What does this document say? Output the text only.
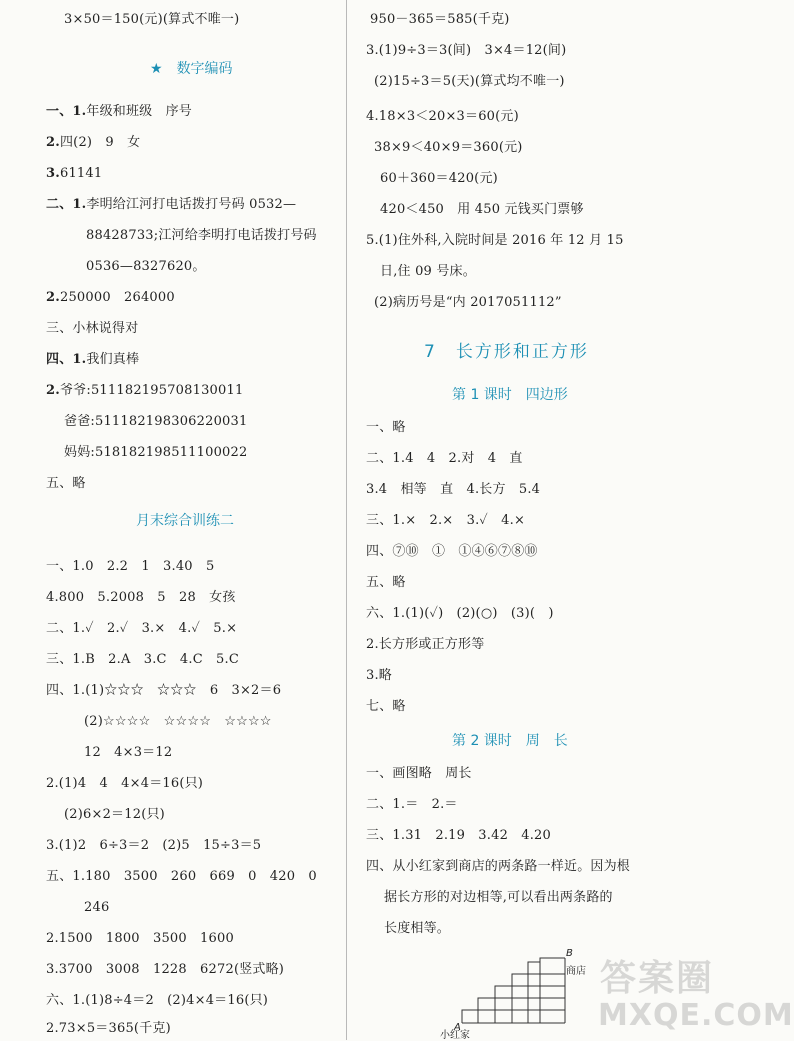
3×50＝150(元)(算式不唯一)
★　 数字编码
一、1.年级和班级　序号
2.四(2)　9　女
3.61141
二、1.李明给江河打电话拨打号码 0532—
88428733;江河给李明打电话拨打号码
0536—8327620。
2.250000　264000
三、小林说得对
四、1.我们真棒
2.爷爷:511182195708130011
爸爸:511182198306220031
妈妈:518182198511100022
五、略
月末综合训练二
一、1.0　2.2　1　3.40　5
4.800　5.2008　5　28　女孩
二、1.✓　2.✓　3.×　4.✓　5.×
三、1.B　2.A　3.C　4.C　5.C
四、1.(1)☆☆☆　☆☆☆　6　3×2＝6
(2)☆☆☆☆　☆☆☆☆　☆☆☆☆
12　4×3＝12
2.(1)4　4　4×4＝16(只)
(2)6×2＝12(只)
3.(1)2　6÷3＝2　(2)5　15÷3＝5
五、1.180　3500　260　669　0　420　0
246
2.1500　1800　3500　1600
3.3700　3008　1228　6272(竖式略)
六、1.(1)8÷4＝2　(2)4×4＝16(只)
2.73×5＝365(千克)
950－365＝585(千克)
3.(1)9÷3＝3(间)　3×4＝12(间)
(2)15÷3＝5(天)(算式均不唯一)
4.18×3＜20×3＝60(元)
38×9＜40×9＝360(元)
60＋360＝420(元)
420＜450　用 450 元钱买门票够
5.(1)住外科,入院时间是 2016 年 12 月 15
日,住 09 号床。
(2)病历号是“内 2017051112”
7　长方形和正方形
第 1 课时　四边形
一、略
二、1.4　4　2.对　4　直
3.4　相等　直　4.长方　5.4
三、1.×　2.×　3.✓　4.×
四、⑦⑩　①　①④⑥⑦⑧⑩
五、略
六、1.(1)(✓)　(2)(○)　(3)(　)
2.长方形或正方形等
3.略
七、略
第 2 课时　周　长
一、画图略　周长
二、1.＝　2.＝
三、1.31　2.19　3.42　4.20
四、从小红家到商店的两条路一样近。因为根
据长方形的对边相等,可以看出两条路的
长度相等。
A
B
小红家
商店 答案圈
MXQE.COM
